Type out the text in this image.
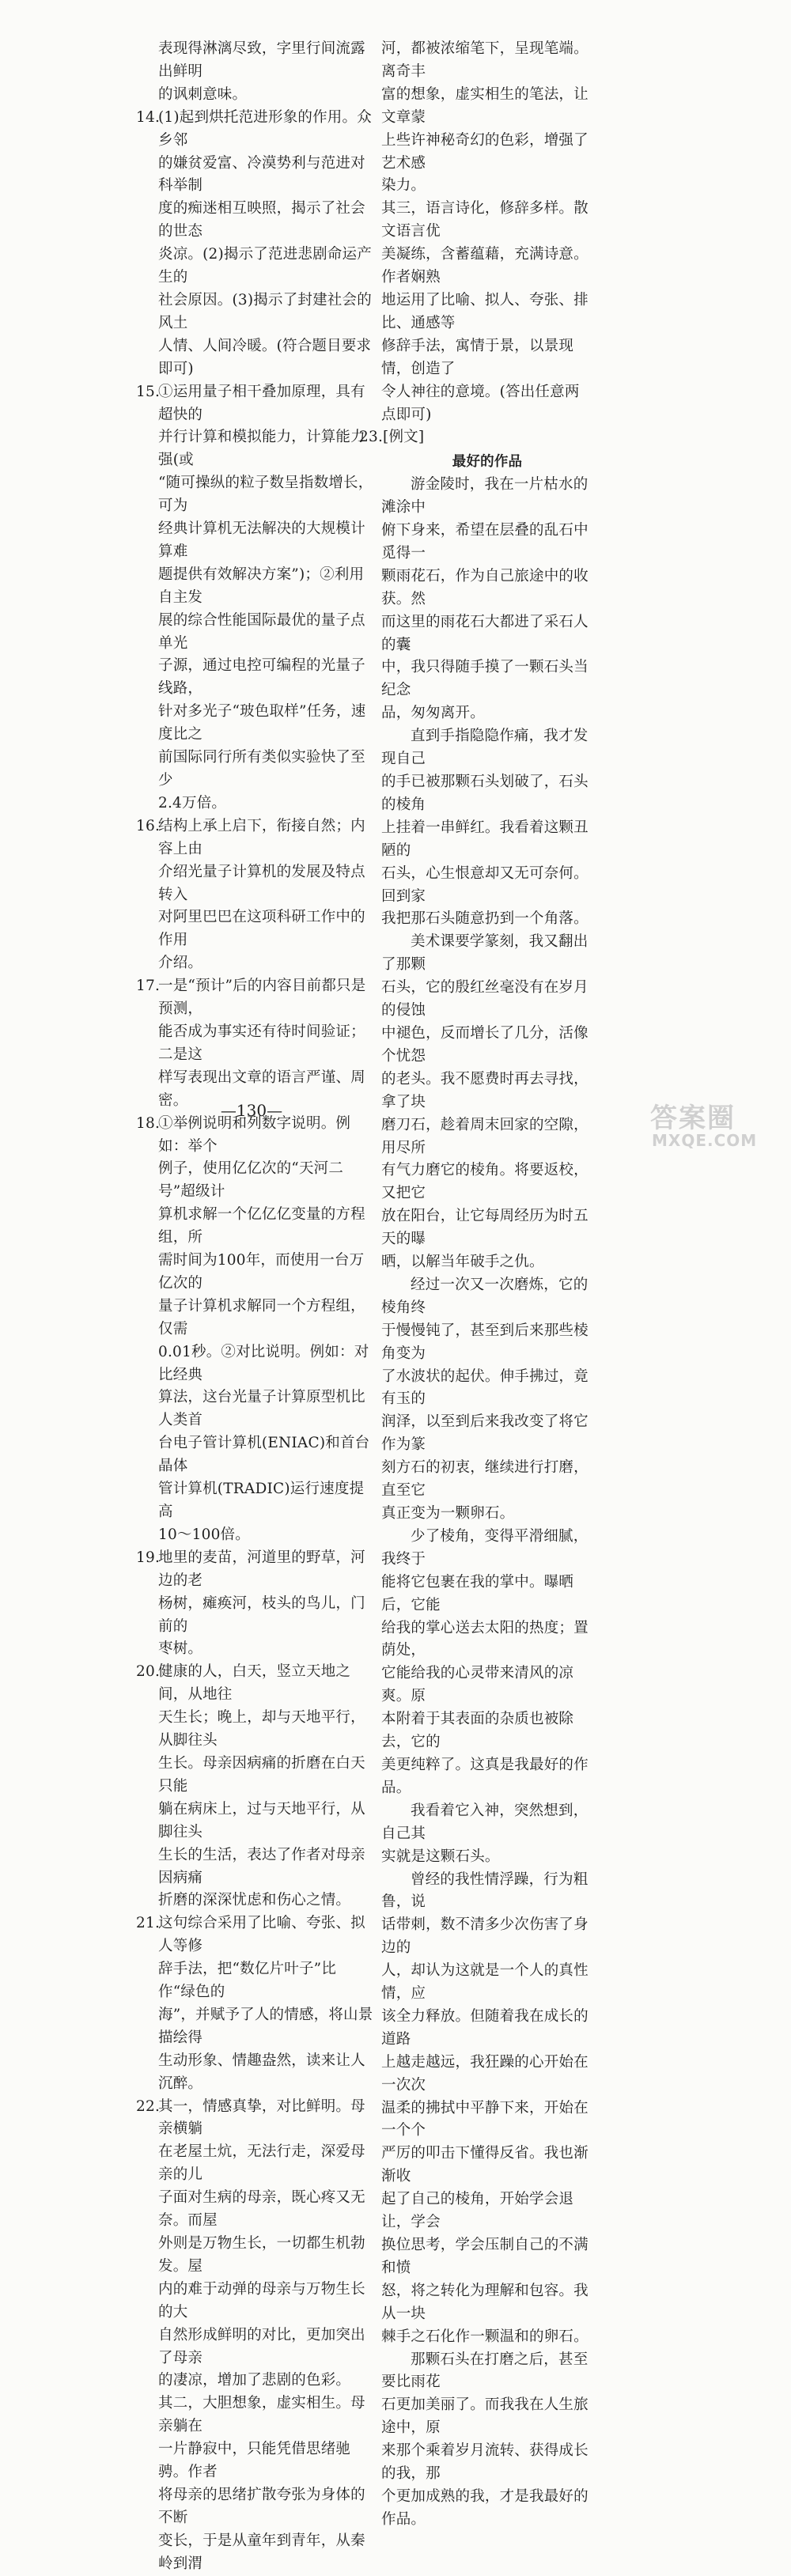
表现得淋漓尽致，字里行间流露出鲜明
的讽刺意味。
14.
(1)起到烘托范进形象的作用。众乡邻
的嫌贫爱富、冷漠势利与范进对科举制
度的痴迷相互映照，揭示了社会的世态
炎凉。(2)揭示了范进悲剧命运产生的
社会原因。(3)揭示了封建社会的风土
人情、人间冷暖。(符合题目要求即可)
15.
①运用量子相干叠加原理，具有超快的
并行计算和模拟能力，计算能力强(或
“随可操纵的粒子数呈指数增长，可为
经典计算机无法解决的大规模计算难
题提供有效解决方案”)；②利用自主发
展的综合性能国际最优的量子点单光
子源，通过电控可编程的光量子线路，
针对多光子“玻色取样”任务，速度比之
前国际同行所有类似实验快了至少
2.4万倍。
16.
结构上承上启下，衔接自然；内容上由
介绍光量子计算机的发展及特点转入
对阿里巴巴在这项科研工作中的作用
介绍。
17.
一是“预计”后的内容目前都只是预测，
能否成为事实还有待时间验证；二是这
样写表现出文章的语言严谨、周密。
18.
①举例说明和列数字说明。例如：举个
例子，使用亿亿次的“天河二号”超级计
算机求解一个亿亿亿变量的方程组，所
需时间为100年，而使用一台万亿次的
量子计算机求解同一个方程组，仅需
0.01秒。②对比说明。例如：对比经典
算法，这台光量子计算原型机比人类首
台电子管计算机(ENIAC)和首台晶体
管计算机(TRADIC)运行速度提高
10～100倍。
19.
地里的麦苗，河道里的野草，河边的老
杨树，瘫痪河，枝头的鸟儿，门前的
枣树。
20.
健康的人，白天，竖立天地之间，从地往
天生长；晚上，却与天地平行，从脚往头
生长。母亲因病痛的折磨在白天只能
躺在病床上，过与天地平行，从脚往头
生长的生活，表达了作者对母亲因病痛
折磨的深深忧虑和伤心之情。
21.
这句综合采用了比喻、夸张、拟人等修
辞手法，把“数亿片叶子”比作“绿色的
海”，并赋予了人的情感，将山景描绘得
生动形象、情趣盎然，读来让人沉醉。
22.
其一，情感真挚，对比鲜明。母亲横躺
在老屋土炕，无法行走，深爱母亲的儿
子面对生病的母亲，既心疼又无奈。而屋
外则是万物生长，一切都生机勃发。屋
内的难于动弹的母亲与万物生长的大
自然形成鲜明的对比，更加突出了母亲
的凄凉，增加了悲剧的色彩。
其二，大胆想象，虚实相生。母亲躺在
一片静寂中，只能凭借思绪驰骋。作者
将母亲的思绪扩散夸张为身体的不断
变长，于是从童年到青年，从秦岭到渭
河，都被浓缩笔下，呈现笔端。离奇丰
富的想象，虚实相生的笔法，让文章蒙
上些许神秘奇幻的色彩，增强了艺术感
染力。
其三，语言诗化，修辞多样。散文语言优
美凝练，含蓄蕴藉，充满诗意。作者娴熟
地运用了比喻、拟人、夸张、排比、通感等
修辞手法，寓情于景，以景现情，创造了
令人神往的意境。(答出任意两点即可)
23.[例文]
最好的作品
游金陵时，我在一片枯水的滩涂中
俯下身来，希望在层叠的乱石中觅得一
颗雨花石，作为自己旅途中的收获。然
而这里的雨花石大都进了采石人的囊
中，我只得随手摸了一颗石头当纪念
品，匆匆离开。
直到手指隐隐作痛，我才发现自己
的手已被那颗石头划破了，石头的棱角
上挂着一串鲜红。我看着这颗丑陋的
石头，心生恨意却又无可奈何。回到家
我把那石头随意扔到一个角落。
美术课要学篆刻，我又翻出了那颗
石头，它的殷红丝毫没有在岁月的侵蚀
中褪色，反而增长了几分，活像个忧怨
的老头。我不愿费时再去寻找，拿了块
磨刀石，趁着周末回家的空隙，用尽所
有气力磨它的棱角。将要返校，又把它
放在阳台，让它每周经历为时五天的曝
晒，以解当年破手之仇。
经过一次又一次磨炼，它的棱角终
于慢慢钝了，甚至到后来那些棱角变为
了水波状的起伏。伸手拂过，竟有玉的
润泽，以至到后来我改变了将它作为篆
刻方石的初衷，继续进行打磨，直至它
真正变为一颗卵石。
少了棱角，变得平滑细腻，我终于
能将它包裹在我的掌中。曝晒后，它能
给我的掌心送去太阳的热度；置荫处，
它能给我的心灵带来清风的凉爽。原
本附着于其表面的杂质也被除去，它的
美更纯粹了。这真是我最好的作品。
我看着它入神，突然想到，自己其
实就是这颗石头。
曾经的我性情浮躁，行为粗鲁，说
话带刺，数不清多少次伤害了身边的
人，却认为这就是一个人的真性情，应
该全力释放。但随着我在成长的道路
上越走越远，我狂躁的心开始在一次次
温柔的拂拭中平静下来，开始在一个个
严厉的叩击下懂得反省。我也渐渐收
起了自己的棱角，开始学会退让，学会
换位思考，学会压制自己的不满和愤
怒，将之转化为理解和包容。我从一块
棘手之石化作一颗温和的卵石。
那颗石头在打磨之后，甚至要比雨花
石更加美丽了。而我我在人生旅途中，原
来那个乘着岁月流转、获得成长的我，那
个更加成熟的我，才是我最好的作品。
—130—	答案圈
MXQE.COM
